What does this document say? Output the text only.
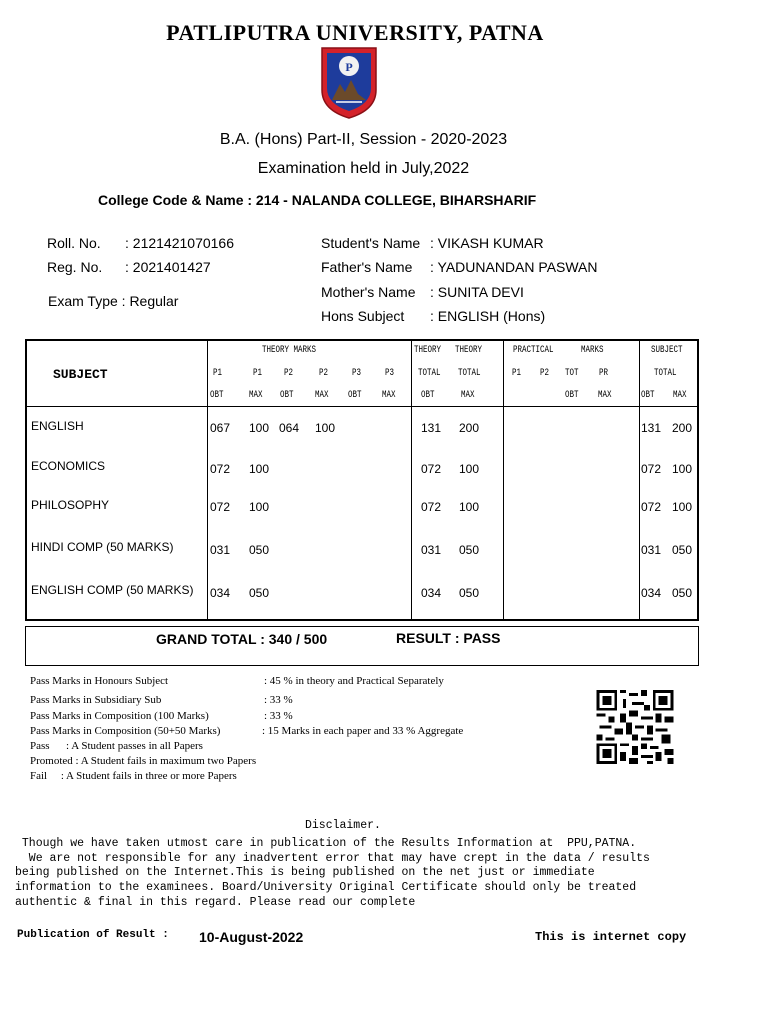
PATLIPUTRA UNIVERSITY, PATNA
P
B.A. (Hons) Part-II, Session - 2020-2023
Examination held in July,2022
College Code & Name : 214 - NALANDA COLLEGE, BIHARSHARIF
Roll. No. : 2121421070166
Reg. No. : 2021401427
Exam Type : Regular
Student's Name : VIKASH KUMAR
Father's Name : YADUNANDAN PASWAN
Mother's Name : SUNITA DEVI
Hons Subject : ENGLISH (Hons)
SUBJECT
THEORY MARKS
P1	P1 P2	P2 P3 P3
OBT	MAX OBT MAX OBT MAX
THEORY THEORY
TOTAL TOTAL
OBT	MAX
PRACTICAL	MARKS
P1 P2 TOT PR
OBT MAX
SUBJECT
TOTAL
OBT MAX
ENGLISH	067 100 064 100	131 200	131 200
ECONOMICS	072 100	072 100	072 100
PHILOSOPHY	072 100	072 100	072 100
HINDI COMP (50 MARKS)	031 050	031 050	031 050
ENGLISH COMP (50 MARKS) 034 050	034 050	034 050
GRAND TOTAL : 340 / 500	RESULT : PASS
Pass Marks in Honours Subject	: 45 % in theory and Practical Separately
Pass Marks in Subsidiary Sub	: 33 %
Pass Marks in Composition (100 Marks)	: 33 %
Pass Marks in Composition (50+50 Marks)	: 15 Marks in each paper and 33 % Aggregate
Pass      : A Student passes in all Papers
Promoted : A Student fails in maximum two Papers
Fail     : A Student fails in three or more Papers
Disclaimer.
Though we have taken utmost care in publication of the Results Information at  PPU,PATNA.
We are not responsible for any inadvertent error that may have crept in the data / results
being published on the Internet.This is being published on the net just or immediate
information to the examinees. Board/University Original Certificate should only be treated
authentic & final in this regard. Please read our complete
Publication of Result : 10-August-2022	This is internet copy
